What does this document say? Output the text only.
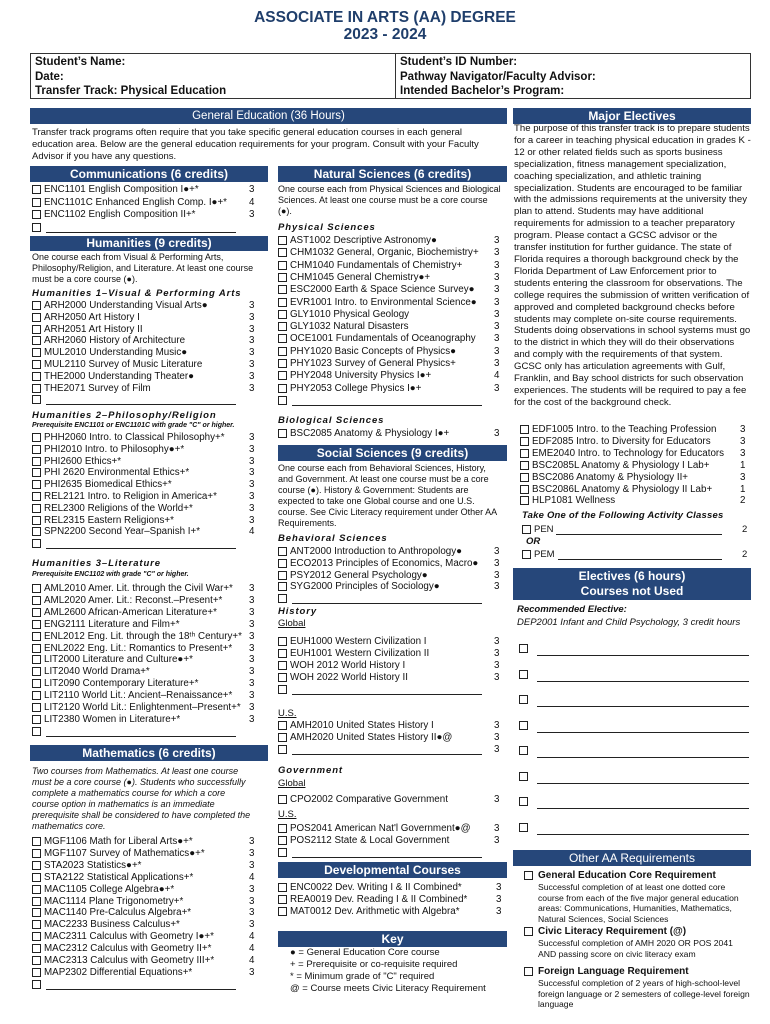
ASSOCIATE IN ARTS (AA) DEGREE
2023 - 2024
Student’s Name:
Date:
Transfer Track: Physical Education
Student’s ID Number:
Pathway Navigator/Faculty Advisor:
Intended Bachelor’s Program:
General Education (36 Hours)
Transfer track programs often require that you take specific general education courses in each general education area. Below are the general education requirements for your program. Consult with your Faculty Advisor if you have any questions.
Communications (6 credits)
ENC1101 English Composition I●+*	3
ENC1101C Enhanced English Comp. I●+* 4
ENC1102 English Composition II+*	3
Humanities (9 credits)
One course each from Visual & Performing Arts, Philosophy/Religion, and Literature. At least one course must be a core course (●).
Humanities 1–Visual & Performing Arts
ARH2000 Understanding Visual Arts●	3
ARH2050 Art History I	3
ARH2051 Art History II	3
ARH2060 History of Architecture	3
MUL2010 Understanding Music●	3
MUL2110 Survey of Music Literature	3
THE2000 Understanding Theater●	3
THE2071 Survey of Film	3
Humanities 2–Philosophy/Religion
Prerequisite ENC1101 or ENC1101C with grade "C" or higher.
PHH2060 Intro. to Classical Philosophy+* 3
PHI2010 Intro. to Philosophy●+*	3
PHI2600 Ethics+*	3
PHI 2620 Environmental Ethics+*	3
PHI2635 Biomedical Ethics+*	3
REL2121 Intro. to Religion in America+*	3
REL2300 Religions of the World+*	3
REL2315 Eastern Religions+*	3
SPN2200 Second Year–Spanish I+*	4
Humanities 3–Literature
Prerequisite ENC1102 with grade "C" or higher.
AML2010 Amer. Lit. through the Civil War+* 3
AML2020 Amer. Lit.: Reconst.–Present+*	3
AML2600 African-American Literature+*	3
ENG2111 Literature and Film+*	3
ENL2012 Eng. Lit. through the 18ᵗʰ Century+* 3
ENL2022 Eng. Lit.: Romantics to Present+* 3
LIT2000 Literature and Culture●+*	3
LIT2040 World Drama+*	3
LIT2090 Contemporary Literature+*	3
LIT2110 World Lit.: Ancient–Renaissance+* 3
LIT2120 World Lit.: Enlightenment–Present+* 3
LIT2380 Women in Literature+*	3
Mathematics (6 credits)
Two courses from Mathematics. At least one course must be a core course (●). Students who successfully complete a mathematics course for which a core course option in mathematics is an immediate prerequisite shall be considered to have completed the mathematics core.
MGF1106 Math for Liberal Arts●+*	3
MGF1107 Survey of Mathematics●+*	3
STA2023 Statistics●+*	3
STA2122 Statistical Applications+*	4
MAC1105 College Algebra●+*	3
MAC1114 Plane Trigonometry+*	3
MAC1140 Pre-Calculus Algebra+*	3
MAC2233 Business Calculus+*	3
MAC2311 Calculus with Geometry I●+*	4
MAC2312 Calculus with Geometry II+*	4
MAC2313 Calculus with Geometry III+*	4
MAP2302 Differential Equations+*	3
Natural Sciences (6 credits)
One course each from Physical Sciences and Biological Sciences. At least one course must be a core course (●).
Physical Sciences
AST1002 Descriptive Astronomy●	3
CHM1032 General, Organic, Biochemistry+ 3
CHM1040 Fundamentals of Chemistry+	3
CHM1045 General Chemistry●+	3
ESC2000 Earth & Space Science Survey● 3
EVR1001 Intro. to Environmental Science● 3
GLY1010 Physical Geology	3
GLY1032 Natural Disasters	3
OCE1001 Fundamentals of Oceanography 3
PHY1020 Basic Concepts of Physics●	3
PHY1023 Survey of General Physics+	3
PHY2048 University Physics I●+	4
PHY2053 College Physics I●+	3
Biological Sciences
BSC2085 Anatomy & Physiology I●+	3
Social Sciences (9 credits)
One course each from Behavioral Sciences, History, and Government. At least one course must be a core course (●). History & Government: Students are expected to take one Global course and one U.S. course. See Civic Literacy requirement under Other AA Requirements.
Behavioral Sciences
ANT2000 Introduction to Anthropology●	3
ECO2013 Principles of Economics, Macro● 3
PSY2012 General Psychology●	3
SYG2000 Principles of Sociology●	3
History
Global
EUH1000 Western Civilization I	3
EUH1001 Western Civilization II	3
WOH 2012 World History I	3
WOH 2022 World History II	3
U.S.
AMH2010 United States History I	3
AMH2020 United States History II●@	3
3
Government
Global
CPO2002 Comparative Government	3
U.S.
POS2041 American Nat'l Government●@ 3
POS2112 State & Local Government	3
Developmental Courses
ENC0022 Dev. Writing I & II Combined*	3
REA0019 Dev. Reading I & II Combined*	3
MAT0012 Dev. Arithmetic with Algebra*	3
Key
● = General Education Core course
+ = Prerequisite or co-requisite required
* = Minimum grade of "C" required
@ = Course meets Civic Literacy Requirement
Major Electives
The purpose of this transfer track is to prepare students for a career in teaching physical education in grades K - 12 or other related fields such as sports business specialization, fitness management specialization, coaching specialization, and athletic training specialization. Students are encouraged to be familiar with the admissions requirements at the university they plan to attend. Students may have additional requirements for admission to a teacher preparatory program. Please contact a GCSC advisor or the transfer institution for further guidance. The state of Florida requires a thorough background check by the Florida Department of Law Enforcement prior to students entering the classroom for observations. The college requires the submission of written verification of approved and completed background checks before students may complete on-site course requirements. Students doing observations in school systems must go to the district in which they will do their observations and comply with the requirements of that system. GCSC only has articulation agreements with Gulf, Franklin, and Bay school districts for such observation experiences. The students will be required to pay a fee for the cost of the background check.
EDF1005 Intro. to the Teaching Profession 3
EDF2085 Intro. to Diversity for Educators	3
EME2040 Intro. to Technology for Educators 3
BSC2085L Anatomy & Physiology I Lab+	1
BSC2086 Anatomy & Physiology II+	3
BSC2086L Anatomy & Physiology II Lab+	1
HLP1081 Wellness	2
Take One of the Following Activity Classes
PEN	2
OR
PEM	2
Electives (6 hours)
Courses not Used
Recommended Elective:
DEP2001 Infant and Child Psychology, 3 credit hours
Other AA Requirements
General Education Core Requirement
Successful completion of at least one dotted core course from each of the five major general education areas: Communications, Humanities, Mathematics, Natural Sciences, Social Sciences
Civic Literacy Requirement (@)
Successful completion of AMH 2020 OR POS 2041 AND passing score on civic literacy exam
Foreign Language Requirement
Successful completion of 2 years of high-school-level foreign language or 2 semesters of college-level foreign language
